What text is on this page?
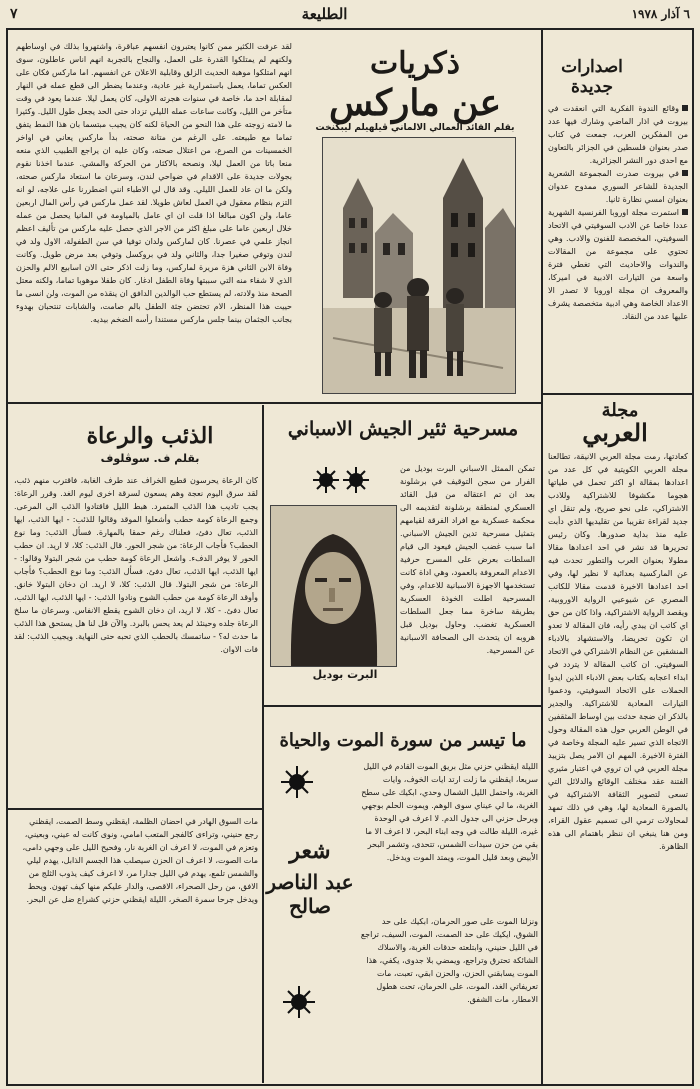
٦ آذار ١٩٧٨
الطليعة
٧
ذكريات
عن ماركس
بقلم القائد العمالي الالماني ڤيلهيلم ليبكنخت
لقد عرفت الكثير ممن كانوا يعتبرون انفسهم عباقرة، واشتهروا بذلك في اوساطهم ولكنهم لم يمتلكوا القدرة على العمل، والنجاح بالتجربة انهم اناس عاطلون، سوى انهم امتلكوا موهبة الحديث الزلق وقابلية الاعلان عن انفسهم. اما ماركس فكان على العكس تماما، يعمل باستمرارية غير عادية، وعندما يضطر الى قطع عمله في النهار لمقابلة احد ما، خاصة في سنوات هجرته الاولى، كان يعمل ليلا. عندما يعود في وقت متأخر من الليل، وكانت ساعات عمله الليلي تزداد حتى الحد يجعل طول الليل. وكثيرا ما لامته زوجته على هذا النحو من الحياة لكنه كان يجيب مبتسما بان هذا النمط يتفق تماما مع طبيعته. على الرغم من متانة صحته، بدأ ماركس يعاني في اواخر الخمسينات من الصرع، من اعتلال صحته، وكان عليه ان يراجع الطبيب الذي منعه منعا باتا من العمل ليلا، ونصحه بالاكثار من الحركة والمشي. عندما اخذنا نقوم بجولات جديدة على الاقدام في ضواحي لندن، وسرعان ما استعاد ماركس صحته، ولكن ما ان عاد للعمل الليلي. وقد قال لي الاطباء انني اضطررنا على علاجه، لو انه التزم بنظام معقول في العمل لعاش طويلا. لقد عمل ماركس في رأس المال اربعين عاما، ولن اكون مبالغا اذا قلت ان اي عامل بالمياومة في المانيا يحصل من عمله خلال اربعين عاما على مبلغ اكثر من الاجر الذي حصل عليه ماركس من تأليف اعظم انجاز علمي في عصرنا. كان لماركس ولدان توفيا في سن الطفولة، الاول ولد في لندن وتوفي صغيرا جدا، والثاني ولد في بروكسل وتوفي بعد مرض طويل. وكانت وفاة الابن الثاني هزة مريرة لماركس، وما زلت اذكر حتى الان اسابيع الالم والحزن الذي لا شفاء منه التي سببتها وفاة الطفل ادغار. كان طفلا موهوبا تماما، ولكنه معتل الصحة منذ ولادته، لم يستطع حب الوالدين الدافق ان ينقذه من الموت، ولن انسى ما حييت هذا المنظر، الام تحتضن جثة الطفل بالم صامت، والشابات تنتحبان بهدوء بجانب الجثمان بينما جلس ماركس مستندا رأسه الضخم بيديه.
اصدارات
جديدة
وقائع الندوة الفكرية التي انعقدت في بيروت في اذار الماضي وشارك فيها عدد من المفكرين العرب، جمعت في كتاب صدر بعنوان فلسطين في الجزائر بالتعاون مع احدى دور النشر الجزائرية.
في بيروت صدرت المجموعة الشعرية الجديدة للشاعر السوري ممدوح عدوان بعنوان امسي نظارة ثانيا.
استمرت مجلة اوروبا الفرنسية الشهرية عددا خاصا عن الادب السوفيتي في الاتحاد السوفيتي، المخصصة للفنون والادب. وهي تحتوي على مجموعة من المقالات والندوات والاحاديث التي تغطي فترة واسعة من التيارات الادبية في اميركا، والمعروف ان مجلة اوروبا لا تصدر الا الاعداد الخاصة وهي ادبية متخصصة يشرف عليها عدد من النقاد.
مجلة
العربي
كعادتها، رمت مجلة العربي الانيقة، تطالعنا مجلة العربي الكويتية في كل عدد من اعدادها بمقالة او اكثر تحمل في طياتها هجوما مكشوفا للاشتراكية وللادب الاشتراكي، على نحو صريح، ولم تنقل اي جديد لقراءة تقريبا من تقليديها الذي دأبت عليه منذ بداية صدورها. وكان رئيس تحريرها قد نشر في احد اعدادها مقالا مطولا بعنوان العرب والتطور تحدث فيه عن الماركسية بعدائية لا نظير لها، وفي احد اعدادها الاخيرة قدمت مقالا للكاتب المصري عن شيوعيي الرواية الاوروبية، ويقصد الرواية الاشتراكية، واذا كان من حق اي كاتب ان يبدي رأيه، فان المقالة لا تعدو ان تكون تحريضا، والاستشهاد بالادباء المنشقين عن النظام الاشتراكي في الاتحاد السوفيتي. ان كاتب المقالة لا يتردد في ابداء اعجابه بكتاب بعض الادباء الذين ايدوا الحملات على الاتحاد السوفيتي، ودعموا التيارات المعادية للاشتراكية. والجدير بالذكر ان ضجة حدثت بين اوساط المثقفين في الوطن العربي حول هذه المقالة وحول الاتجاه الذي تسير عليه المجلة وخاصة في الفترة الاخيرة. المهم ان الامر يصل بتزييد مجلة العربي في ان تروي في اعتبار مثيري الفتنة عقد مختلف الوقائع والدلائل التي تسعى لتصوير الثقافة الاشتراكية في بالصورة المعادية لها، وهي في ذلك تمهد لمحاولات ترمي الى تسميم عقول القراء، ومن هنا ينبغي ان ننظر باهتمام الى هذه الظاهرة.
مسرحية ثئير الجيش الاسباني
البرت بوديل
تمكن الممثل الاسباني البرت بوديل من الفرار من سجن التوقيف في برشلونة بعد ان تم اعتقاله من قبل القائد العسكري لمنطقة برشلونة لتقديمه الى محكمة عسكرية مع افراد الفرقة لقيامهم بتمثيل مسرحية تدين الجيش الاسباني. اما سبب غضب الجيش فيعود الى قيام السلطات بعرض على المسرح حرفية الاعدام المعروفة بالعمود، وهي اداة كانت تستخدمها الاجهزة الاسبانية للاعدام، وفي المسرحية اطلت الخوذة العسكرية بطريقة ساخرة مما جعل السلطات العسكرية تغضب. وحاول بوديل قبل هروبه ان يتحدث الى الصحافة الاسبانية عن المسرحية.
الذئب والرعاة
بقلم ف. سوڤلوف
كان الرعاة يحرسون قطيع الخراف عند طرف الغابة، فاقترب منهم ذئب، لقد سرق اليوم نعجة وهم يسعون لسرقة اخرى ليوم الغد. وقرر الرعاة: يجب تاديب هذا الذئب المتمرد. هبط الليل فاقتادوا الذئب الى المرعى. وجمع الرعاة كومة حطب وأشعلوا الموقد وقالوا للذئب: - ايها الذئب، ايها الذئب، تعال دفئ، فعلناك رغم حمقا بالمهارة. فسأل الذئب: وما نوع الحطب؟ فأجاب الرعاة: من شجر الحور. قال الذئب: كلا، لا اريد. ان حطب الحور لا يوفر الدفء. واشعل الرعاة كومة حطب من شجر البتولا وقالوا: - ايها الذئب، ايها الذئب، تعال دفئ. فسأل الذئب: وما نوع الحطب؟ فأجاب الرعاة: من شجر البتولا. قال الذئب: كلا، لا اريد. ان دخان البتولا خانق. وأوقد الرعاة كومة من حطب الشوح ونادوا الذئب: - ايها الذئب، ايها الذئب، تعال دفئ. - كلا، لا اريد، ان دخان الشوح يقطع الانفاس. وسرعان ما سلخ الرعاة جلده وحينئذ لم يعد يحس بالبرد. والآن قل لنا هل يستحق هذا الذئب ما حدث له؟ - ساتمسك بالحطب الذي تحبه حتى النهاية. ويجيب الذئب: لقد فات الاوان.
ما تيسر من سورة الموت والحياة
الليلة ايقظني حزني مثل بريق الموت القادم في الليل سريعا، ايقظني ما زلت ارتد ايات الخوف، وايات الغربة، واحتمل الليل الشمال وحدي، ابكيك على سطح الغربة، ما لي عيناي سوى الوهم. ويموت الحلم بوجهي ويرحل حزني الى جدول الدم. لا اعرف في الوحدة غيره، الليلة طالت في وجه ابناء البحر، لا اعرف الا ما بقي من حزن سيدات الشمس، تتحدى، وتشمر البحر الأبيض وبعد قليل الموت، ويمتد الموت ويدخل.
شعر
عبد الناصر صالح
ونزلنا الموت على صور الحرمان، ابكيك على حد الشوق، ايكيك على حد الصمت، الموت، السيف، تراجع في الليل حنيني، وابتلعته حدقات الغربة، والاسلاك الشائكة تحترق وتراجع، ويمضي بلا جدوى، يكفي، هذا الموت يسابقني الحزن، والحزن ابقي، تعبت، مات تعريفاتي الغد، الموت، على الحرمان، تحت هطول الامطار، مات الشفق.
مات السوق الهادر في احضان الظلمة، ايقظني وسط الصمت، ايقظني رجع حنيني، وتراءى كالفجر المتعب امامي، ونوى كانت له عيني، وبعيني، وتعزم في الموت، لا اعرف ان الغربة نار، وفحيح الليل على وجهي دامى، مات الصوت، لا اعرف ان الحزن سيصلب هذا الجسم الذابل، يهدم ليلي والشمس تلمع، يهدم في الليل جدارا مر، لا اعرف كيف يذوب الثلج من الافق، من رحل الصحراء، الاقصى، والدار عليكم منها كيف تهون. ويحط ويدخل جرحا سمرة الصخر، الليلة ايقظني حزني كشراع ضل عن البحر.
